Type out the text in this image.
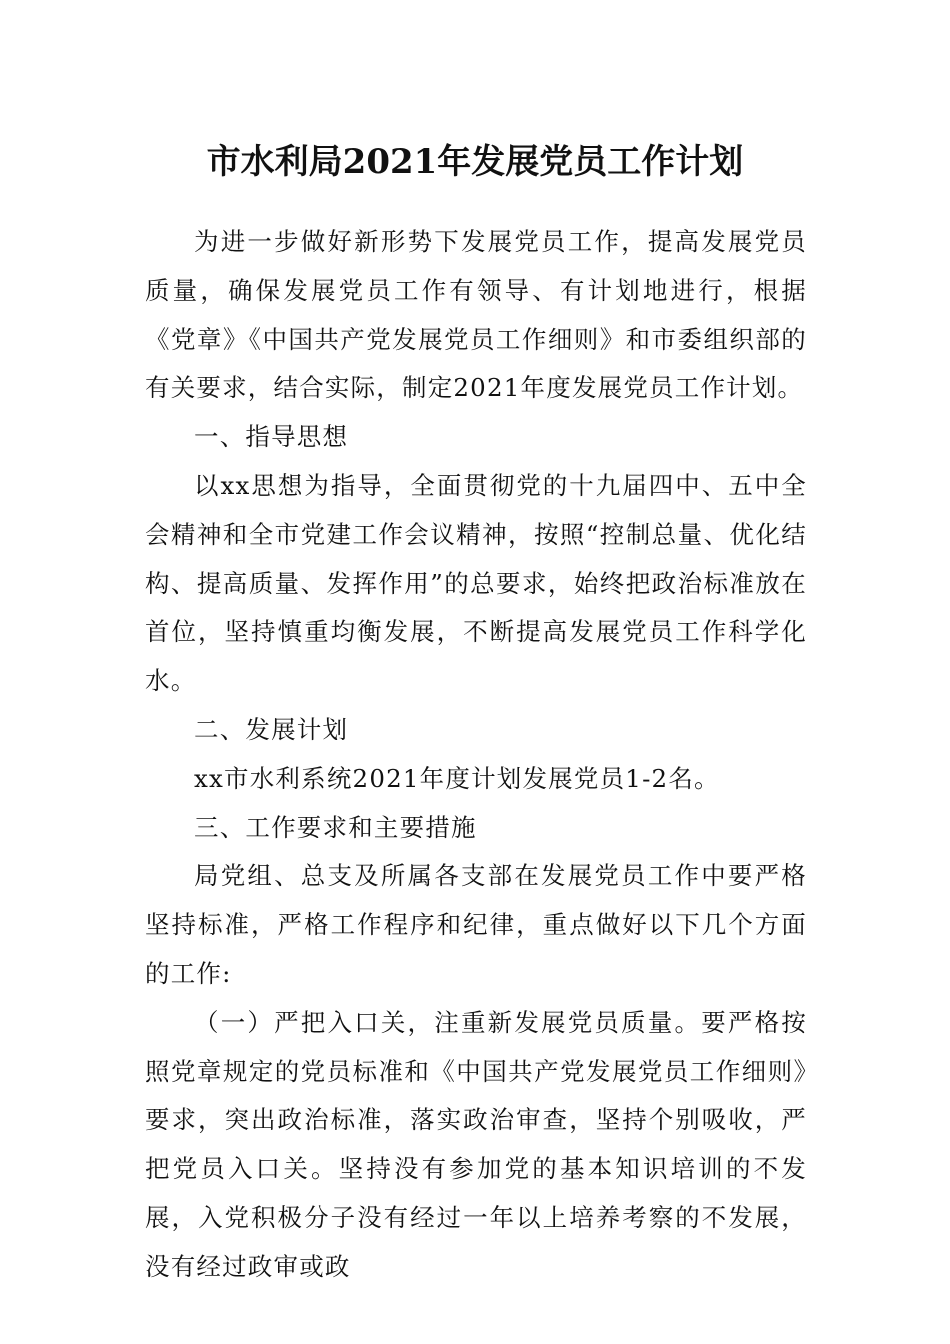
市水利局2021年发展党员工作计划

为进一步做好新形势下发展党员工作，提高发展党员质量，确保发展党员工作有领导、有计划地进行，根据《党章》《中国共产党发展党员工作细则》和市委组织部的有关要求，结合实际，制定2021年度发展党员工作计划。

一、指导思想

以xx思想为指导，全面贯彻党的十九届四中、五中全会精神和全市党建工作会议精神，按照“控制总量、优化结构、提高质量、发挥作用”的总要求，始终把政治标准放在首位，坚持慎重均衡发展，不断提高发展党员工作科学化水。

二、发展计划

xx市水利系统2021年度计划发展党员1-2名。

三、工作要求和主要措施

局党组、总支及所属各支部在发展党员工作中要严格坚持标准，严格工作程序和纪律，重点做好以下几个方面的工作:

（一）严把入口关，注重新发展党员质量。要严格按照党章规定的党员标准和《中国共产党发展党员工作细则》要求，突出政治标准，落实政治审查，坚持个别吸收，严把党员入口关。坚持没有参加党的基本知识培训的不发展，入党积极分子没有经过一年以上培养考察的不发展，没有经过政审或政
